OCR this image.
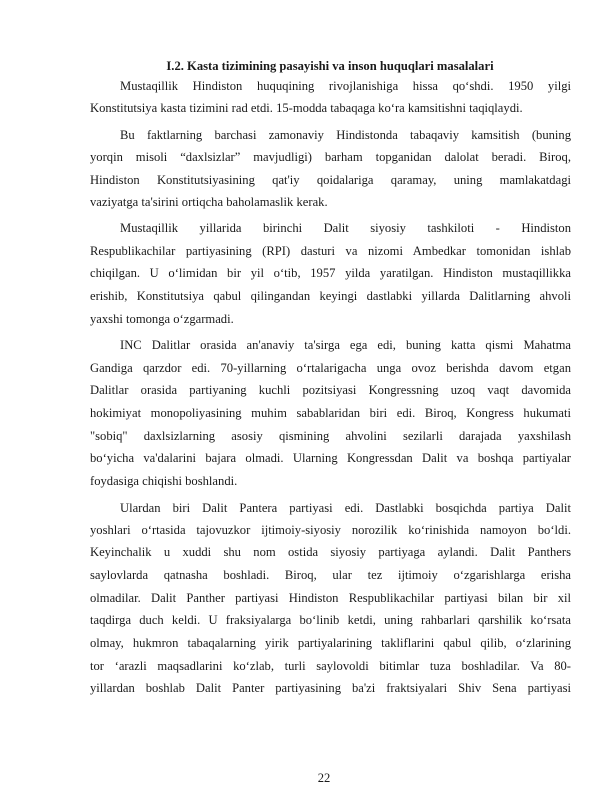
I.2. Kasta tizimining pasayishi va inson huquqlari masalalari
Mustaqillik Hindiston huquqining rivojlanishiga hissa qo‘shdi. 1950 yilgi
Konstitutsiya kasta tizimini rad etdi. 15-modda tabaqaga ko‘ra kamsitishni taqiqlaydi.
Bu faktlarning barchasi zamonaviy Hindistonda tabaqaviy kamsitish (buning
yorqin misoli “daxlsizlar” mavjudligi) barham topganidan dalolat beradi. Biroq,
Hindiston Konstitutsiyasining qat'iy qoidalariga qaramay, uning mamlakatdagi
vaziyatga ta'sirini ortiqcha baholamaslik kerak.
Mustaqillik yillarida birinchi Dalit siyosiy tashkiloti - Hindiston
Respublikachilar partiyasining (RPI) dasturi va nizomi Ambedkar tomonidan ishlab
chiqilgan. U o‘limidan bir yil o‘tib, 1957 yilda yaratilgan. Hindiston mustaqillikka
erishib, Konstitutsiya qabul qilingandan keyingi dastlabki yillarda Dalitlarning ahvoli
yaxshi tomonga o‘zgarmadi.
INC Dalitlar orasida an'anaviy ta'sirga ega edi, buning katta qismi Mahatma
Gandiga qarzdor edi. 70-yillarning o‘rtalarigacha unga ovoz berishda davom etgan
Dalitlar orasida partiyaning kuchli pozitsiyasi Kongressning uzoq vaqt davomida
hokimiyat monopoliyasining muhim sabablaridan biri edi. Biroq, Kongress hukumati
"sobiq" daxlsizlarning asosiy qismining ahvolini sezilarli darajada yaxshilash
bo‘yicha va'dalarini bajara olmadi. Ularning Kongressdan Dalit va boshqa partiyalar
foydasiga chiqishi boshlandi.
Ulardan biri Dalit Pantera partiyasi edi. Dastlabki bosqichda partiya Dalit
yoshlari o‘rtasida tajovuzkor ijtimoiy-siyosiy norozilik ko‘rinishida namoyon bo‘ldi.
Keyinchalik u xuddi shu nom ostida siyosiy partiyaga aylandi. Dalit Panthers
saylovlarda qatnasha boshladi. Biroq, ular tez ijtimoiy o‘zgarishlarga erisha
olmadilar. Dalit Panther partiyasi Hindiston Respublikachilar partiyasi bilan bir xil
taqdirga duch keldi. U fraksiyalarga bo‘linib ketdi, uning rahbarlari qarshilik ko‘rsata
olmay, hukmron tabaqalarning yirik partiyalarining takliflarini qabul qilib, o‘zlarining
tor ‘arazli maqsadlarini ko‘zlab, turli saylovoldi bitimlar tuza boshladilar. Va 80-
yillardan boshlab Dalit Panter partiyasining ba'zi fraktsiyalari Shiv Sena partiyasi
22
